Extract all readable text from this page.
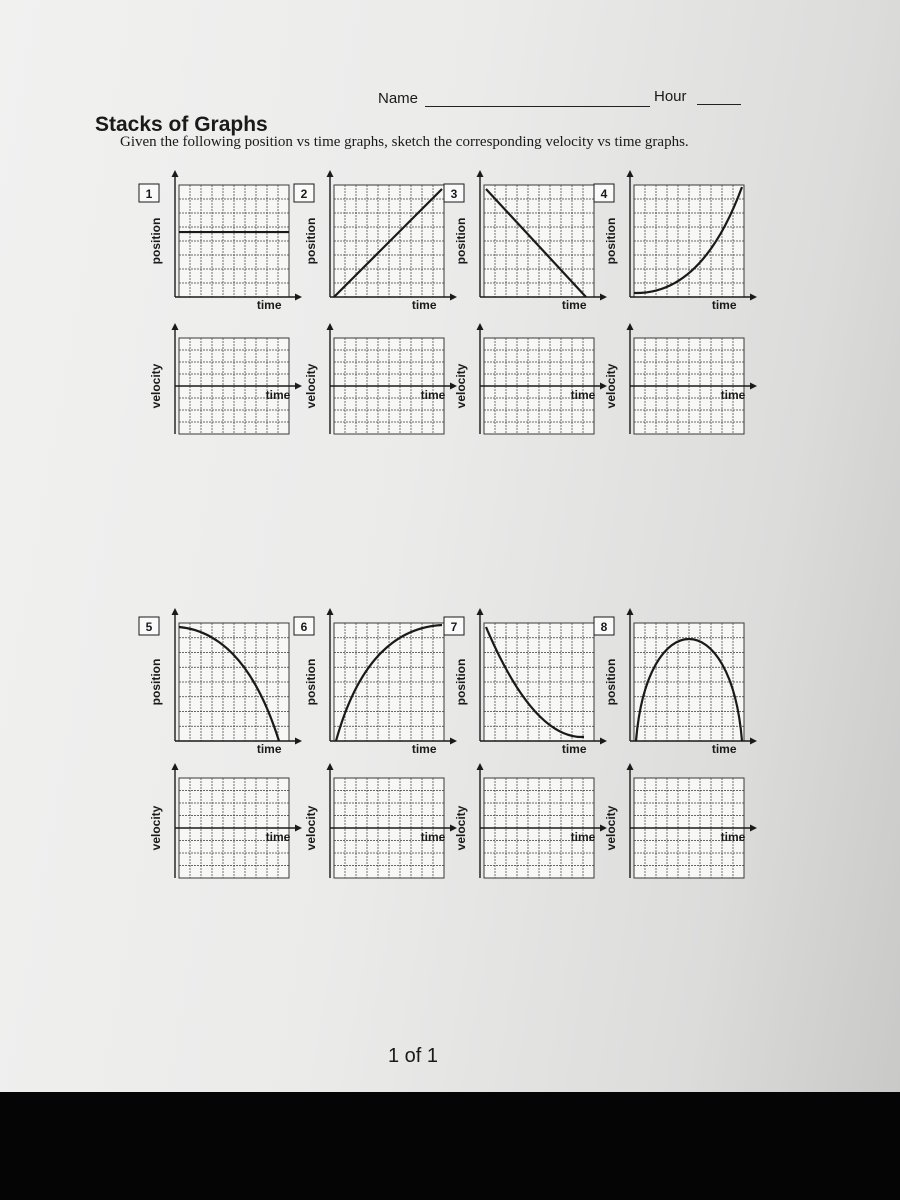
Name	Hour
Stacks of Graphs
Given the following position vs time graphs, sketch the corresponding velocity vs time graphs.
1
position
time
velocity	time
2
position
time
velocity	time
3
position
time
velocity	time
4
position
time
velocity	time
5
position
time
velocity	time
6
position
time
velocity	time
7
position
time
velocity	time
8
position
time
velocity	time
1 of 1
